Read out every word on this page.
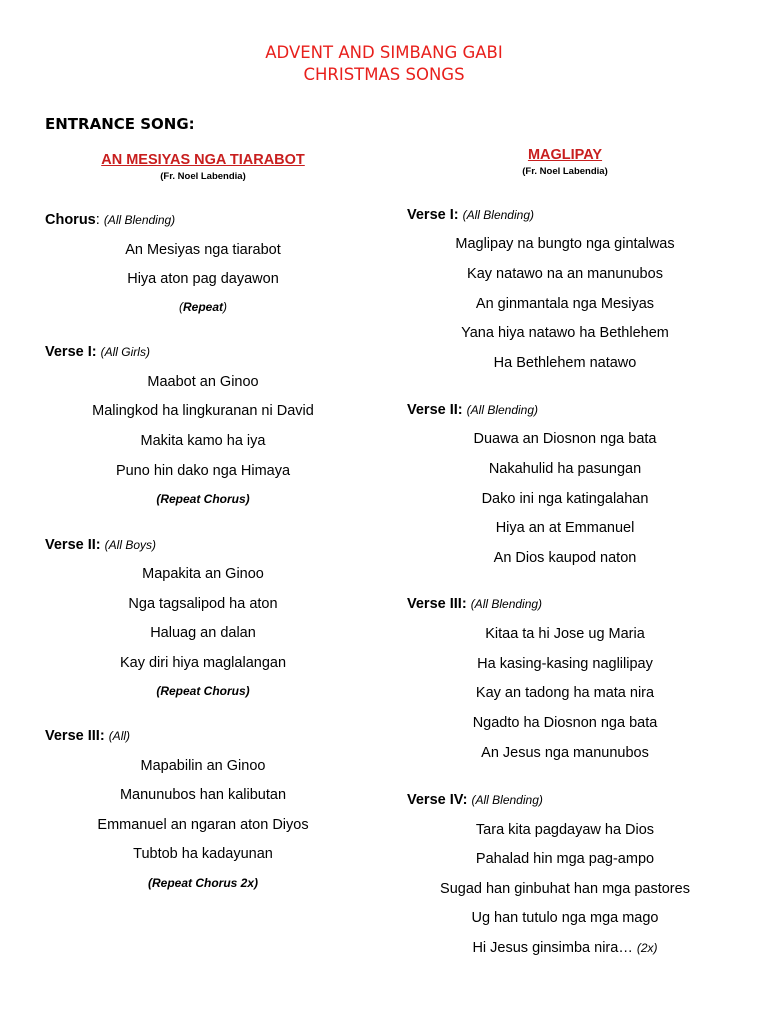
ADVENT AND SIMBANG GABI
CHRISTMAS SONGS
ENTRANCE SONG:
AN MESIYAS NGA TIARABOT
(Fr. Noel Labendia)
Chorus: (All Blending)
An Mesiyas nga tiarabot
Hiya aton pag dayawon
(Repeat)
Verse I: (All Girls)
Maabot an Ginoo
Malingkod ha lingkuranan ni David
Makita kamo ha iya
Puno hin dako nga Himaya
(Repeat Chorus)
Verse II: (All Boys)
Mapakita an Ginoo
Nga tagsalipod ha aton
Haluag an dalan
Kay diri hiya maglalangan
(Repeat Chorus)
Verse III: (All)
Mapabilin an Ginoo
Manunubos han kalibutan
Emmanuel an ngaran aton Diyos
Tubtob ha kadayunan
(Repeat Chorus 2x)
MAGLIPAY
(Fr. Noel Labendia)
Verse I: (All Blending)
Maglipay na bungto nga gintalwas
Kay natawo na an manunubos
An ginmantala nga Mesiyas
Yana hiya natawo ha Bethlehem
Ha Bethlehem natawo
Verse II: (All Blending)
Duawa an Diosnon nga bata
Nakahulid ha pasungan
Dako ini nga katingalahan
Hiya an at Emmanuel
An Dios kaupod naton
Verse III: (All Blending)
Kitaa ta hi Jose ug Maria
Ha kasing-kasing naglilipay
Kay an tadong ha mata nira
Ngadto ha Diosnon nga bata
An Jesus nga manunubos
Verse IV: (All Blending)
Tara kita pagdayaw ha Dios
Pahalad hin mga pag-ampo
Sugad han ginbuhat han mga pastores
Ug han tutulo nga mga mago
Hi Jesus ginsimba nira… (2x)
